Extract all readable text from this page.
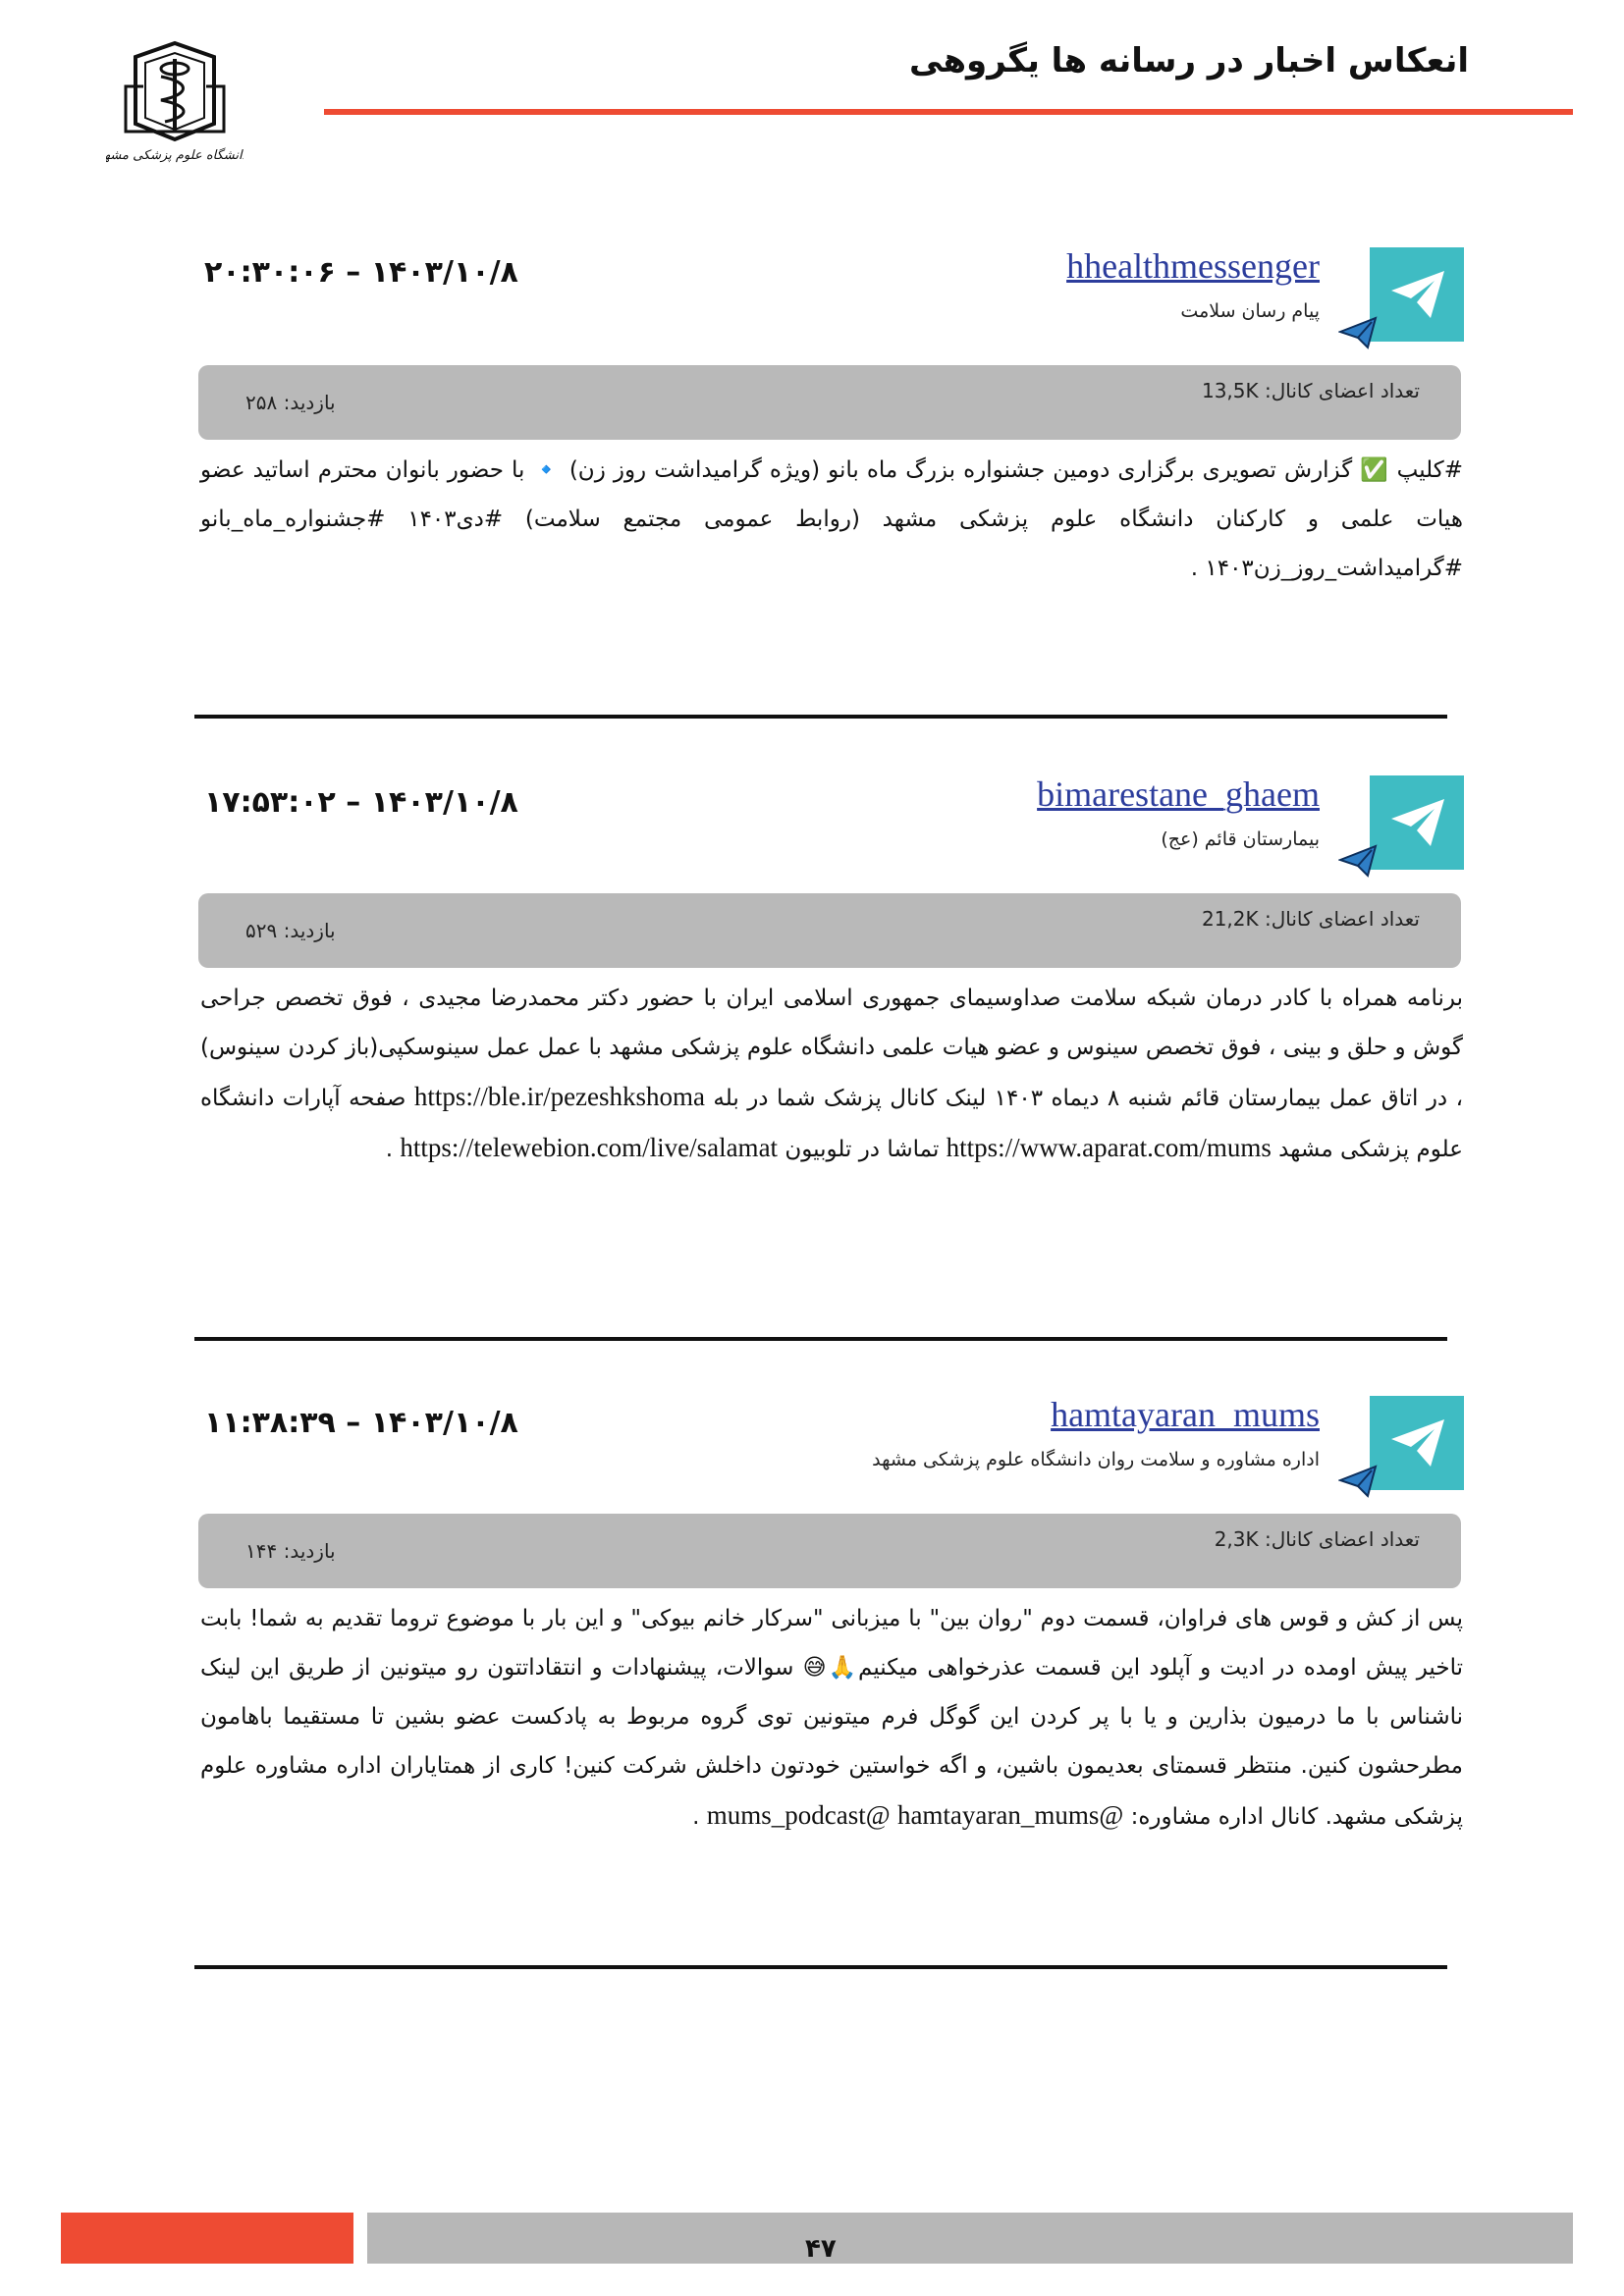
انعکاس اخبار در رسانه ها یگروهی
دانشگاه علوم پزشکی مشهد
hhealthmessenger
پیام رسان سلامت
۲۰:۳۰:۰۶ – ۱۴۰۳/۱۰/۸
تعداد اعضای کانال: 13,5K
بازدید: ۲۵۸
#کلیپ ✅ گزارش تصویری برگزاری دومین جشنواره بزرگ ماه بانو (ویژه گرامیداشت روز زن) 🔹 با حضور بانوان محترم اساتید عضو هیات علمی و کارکنان دانشگاه علوم پزشکی مشهد (روابط عمومی مجتمع سلامت) #دی۱۴۰۳ #جشنواره_ماه_بانو #گرامیداشت_روز_زن۱۴۰۳ .
bimarestane_ghaem
بیمارستان قائم (عج)
۱۷:۵۳:۰۲ – ۱۴۰۳/۱۰/۸
تعداد اعضای کانال: 21,2K
بازدید: ۵۲۹
برنامه همراه با کادر درمان شبکه سلامت صداوسیمای جمهوری اسلامی ایران با حضور دکتر محمدرضا مجیدی ، فوق تخصص جراحی گوش و حلق و بینی ، فوق تخصص سینوس و عضو هیات علمی دانشگاه علوم پزشکی مشهد با عمل عمل سینوسکپی(باز کردن سینوس) ، در اتاق عمل بیمارستان قائم شنبه ۸ دیماه ۱۴۰۳ لینک کانال پزشک شما در بله https://ble.ir/pezeshkshoma صفحه آپارات دانشگاه علوم پزشکی مشهد https://www.aparat.com/mums تماشا در تلوبیون https://telewebion.com/live/salamat .
hamtayaran_mums
اداره مشاوره و سلامت روان دانشگاه علوم پزشکی مشهد
۱۱:۳۸:۳۹ – ۱۴۰۳/۱۰/۸
تعداد اعضای کانال: 2,3K
بازدید: ۱۴۴
پس از کش و قوس های فراوان، قسمت دوم "روان بین" با میزبانی "سرکار خانم بیوکی" و این بار با موضوع تروما تقدیم به شما! بابت تاخیر پیش اومده در ادیت و آپلود این قسمت عذرخواهی میکنیم🙏😅 سوالات، پیشنهادات و انتقاداتتون رو میتونین از طریق این لینک ناشناس با ما درمیون بذارین و یا با پر کردن این گوگل فرم میتونین توی گروه مربوط به پادکست عضو بشین تا مستقیما باهامون مطرحشون کنین. منتظر قسمتای بعدیمون باشین، و اگه خواستین خودتون داخلش شرکت کنین! کاری از همتایاران اداره مشاوره علوم پزشکی مشهد. کانال اداره مشاوره: @mums_podcast@ hamtayaran_mums .
۴۷
